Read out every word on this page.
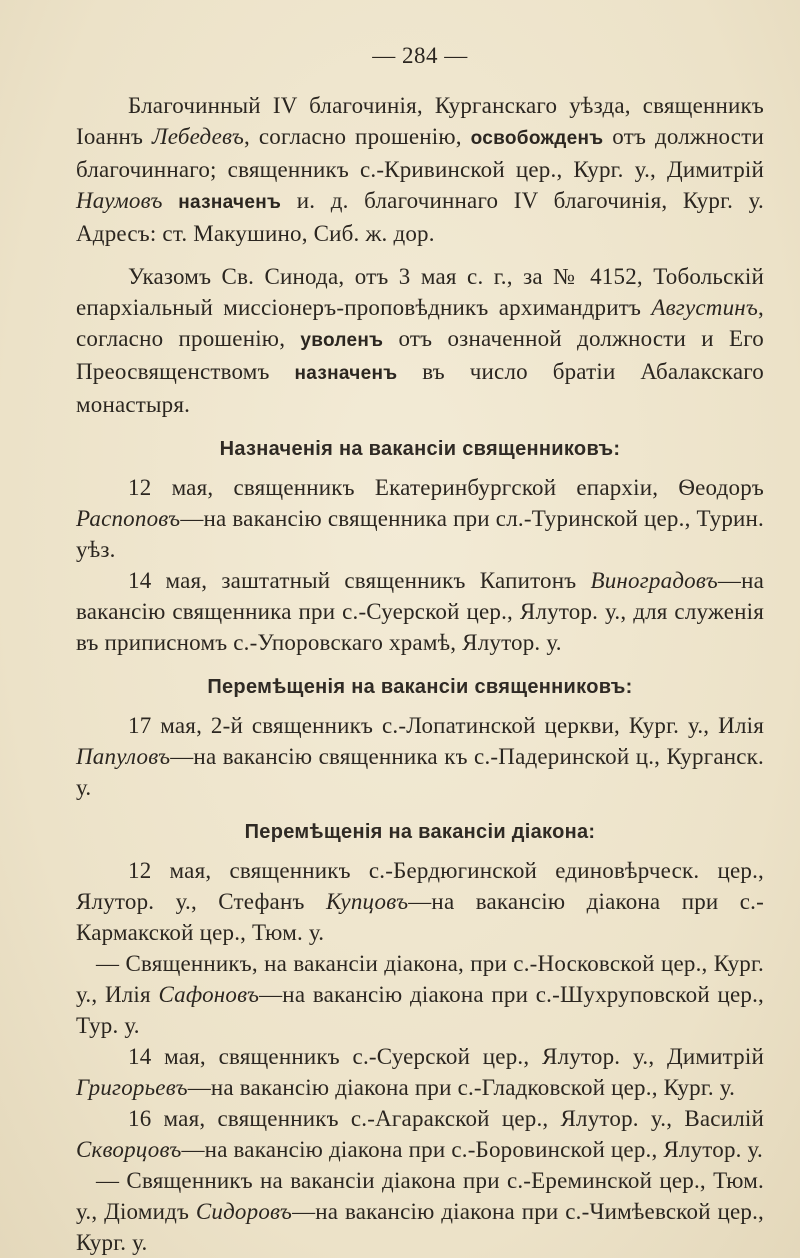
— 284 —

Благочинный IV благочинія, Курганскаго уѣзда, священникъ Іоаннъ Лебедевъ, согласно прошенію, освобожденъ отъ должности благочиннаго; священникъ с.-Кривинской цер., Кург. у., Димитрій Наумовъ назначенъ и. д. благочиннаго IV благочинія, Кург. у. Адресъ: ст. Макушино, Сиб. ж. дор.

Указомъ Св. Синода, отъ 3 мая с. г., за № 4152, Тобольскій епархіальный миссіонеръ-проповѣдникъ архимандритъ Августинъ, согласно прошенію, уволенъ отъ означенной должности и Его Преосвященствомъ назначенъ въ число братіи Абалакскаго монастыря.

Назначенія на вакансіи священниковъ:

12 мая, священникъ Екатеринбургской епархіи, Ѳеодоръ Распоповъ—на вакансію священника при сл.-Туринской цер., Турин. уѣз.

14 мая, заштатный священникъ Капитонъ Виноградовъ—на вакансію священника при с.-Суерской цер., Ялутор. у., для служенія въ приписномъ с.-Упоровскаго храмѣ, Ялутор. у.

Перемѣщенія на вакансіи священниковъ:

17 мая, 2-й священникъ с.-Лопатинской церкви, Кург. у., Илія Папуловъ—на вакансію священника къ с.-Падеринской ц., Курганск. у.

Перемѣщенія на вакансіи діакона:

12 мая, священникъ с.-Бердюгинской единовѣрческ. цер., Ялутор. у., Стефанъ Купцовъ—на вакансію діакона при с.-Кармакской цер., Тюм. у.

— Священникъ, на вакансіи діакона, при с.-Носковской цер., Кург. у., Илія Сафоновъ—на вакансію діакона при с.-Шухруповской цер., Тур. у.

14 мая, священникъ с.-Суерской цер., Ялутор. у., Димитрій Григорьевъ—на вакансію діакона при с.-Гладковской цер., Кург. у.

16 мая, священникъ с.-Агаракской цер., Ялутор. у., Василій Скворцовъ—на вакансію діакона при с.-Боровинской цер., Ялутор. у.

— Священникъ на вакансіи діакона при с.-Ереминской цер., Тюм. у., Діомидъ Сидоровъ—на вакансію діакона при с.-Чимѣевской цер., Кург. у.
